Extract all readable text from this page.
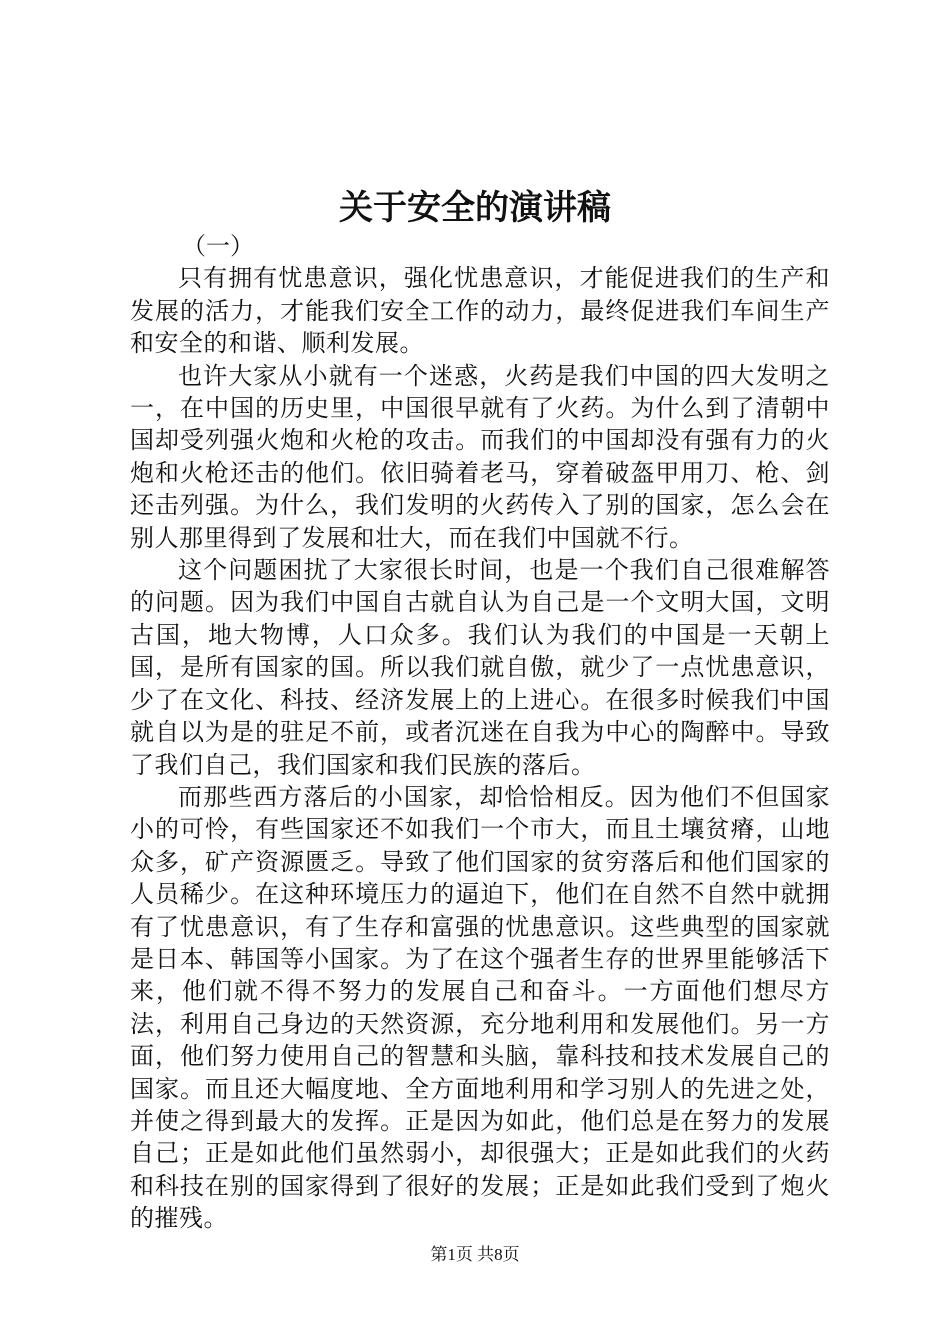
关于安全的演讲稿

（一）

只有拥有忧患意识，强化忧患意识，才能促进我们的生产和发展的活力，才能我们安全工作的动力，最终促进我们车间生产和安全的和谐、顺利发展。

也许大家从小就有一个迷惑，火药是我们中国的四大发明之一，在中国的历史里，中国很早就有了火药。为什么到了清朝中国却受列强火炮和火枪的攻击。而我们的中国却没有强有力的火炮和火枪还击的他们。依旧骑着老马，穿着破盔甲用刀、枪、剑还击列强。为什么，我们发明的火药传入了别的国家，怎么会在别人那里得到了发展和壮大，而在我们中国就不行。

这个问题困扰了大家很长时间，也是一个我们自己很难解答的问题。因为我们中国自古就自认为自己是一个文明大国，文明古国，地大物博，人口众多。我们认为我们的中国是一天朝上国，是所有国家的国。所以我们就自傲，就少了一点忧患意识，少了在文化、科技、经济发展上的上进心。在很多时候我们中国就自以为是的驻足不前，或者沉迷在自我为中心的陶醉中。导致了我们自己，我们国家和我们民族的落后。

而那些西方落后的小国家，却恰恰相反。因为他们不但国家小的可怜，有些国家还不如我们一个市大，而且土壤贫瘠，山地众多，矿产资源匮乏。导致了他们国家的贫穷落后和他们国家的人员稀少。在这种环境压力的逼迫下，他们在自然不自然中就拥有了忧患意识，有了生存和富强的忧患意识。这些典型的国家就是日本、韩国等小国家。为了在这个强者生存的世界里能够活下来，他们就不得不努力的发展自己和奋斗。一方面他们想尽方法，利用自己身边的天然资源，充分地利用和发展他们。另一方面，他们努力使用自己的智慧和头脑，靠科技和技术发展自己的国家。而且还大幅度地、全方面地利用和学习别人的先进之处，并使之得到最大的发挥。正是因为如此，他们总是在努力的发展自己；正是如此他们虽然弱小，却很强大；正是如此我们的火药和科技在别的国家得到了很好的发展；正是如此我们受到了炮火的摧残。

第1页 共8页
